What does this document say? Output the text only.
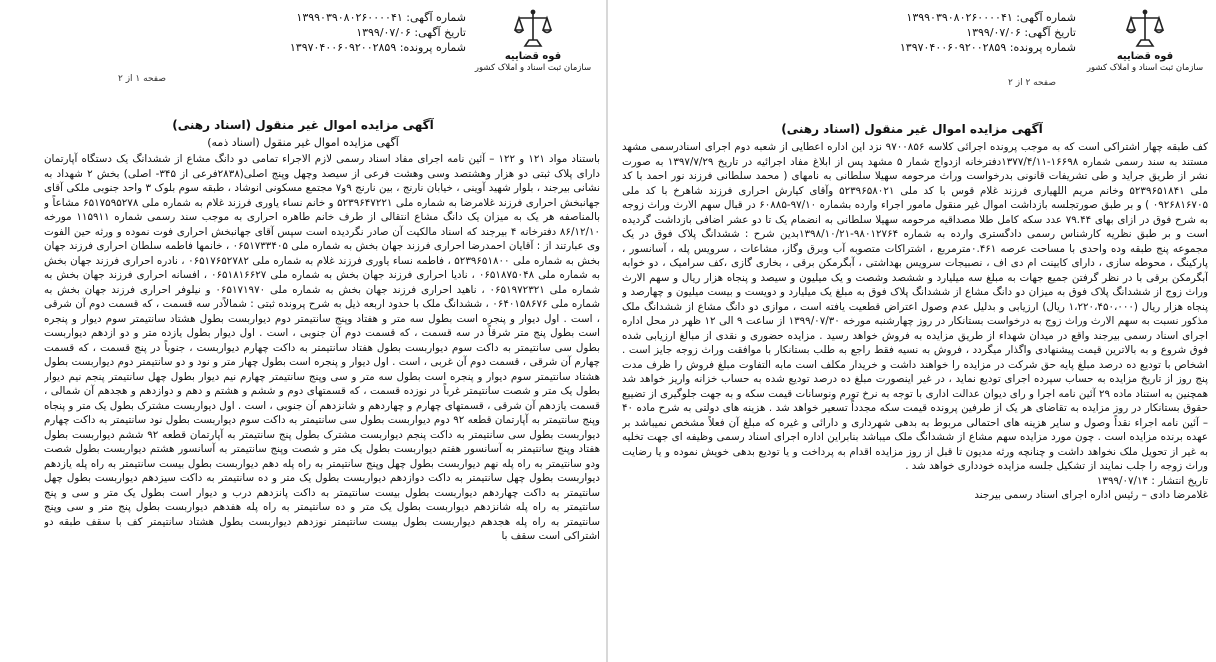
شماره آگهی: ۱۳۹۹۰۳۹۰۸۰۲۶۰۰۰۰۴۱
تاریخ آگهی: ۱۳۹۹/۰۷/۰۶
شماره پرونده: ۱۳۹۷۰۴۰۰۶۰۹۲۰۰۲۸۵۹
قوه قضاییه
سازمان ثبت اسناد و املاک کشور
صفحه ۱ از ۲
آگهی مزایده اموال غیر منقول (اسناد رهنی)
آگهی مزایده اموال غیر منقول (اسناد ذمه)

باستناد مواد ۱۲۱ و ۱۲۲ – آئین نامه اجرای مفاد اسناد رسمی لازم الاجراء تمامی دو دانگ مشاع از ششدانگ یک دستگاه آپارتمان دارای پلاک ثبتی دو هزار وهشتصد وسی وهشت فرعی از سیصد وچهل وپنج اصلی(۲۸۳۸فرعی از ۳۴۵- اصلی) بخش ۲ شهداد به نشانی بیرجند ، بلوار شهید آوینی ، خیابان نارنج ، بین نارنج ۹و۷ مجتمع مسکونی انوشاد ، طبقه سوم بلوک ۳ واحد جنوبی ملکی آقای جهانبخش احراری فرزند غلامرضا به شماره ملی ۵۲۳۹۶۴۷۲۲۱ و خانم نساء یاوری فرزند غلام به شماره ملی ۶۵۱۷۵۹۵۲۷۸ مشاعاً و بالمناصفه هر یک به میزان یک دانگ مشاع انتقالی از طرف خانم طاهره احراری به موجب سند رسمی شماره ۱۱۵۹۱۱ مورخه ۸۶/۱۲/۱۰ دفترخانه ۴ بیرجند که اسناد مالکیت آن صادر نگردیده است سپس آقای جهانبخش احراری فوت نموده و ورثه حین الفوت وی عبارتند از : آقایان احمدرضا احراری فرزند جهان بخش به شماره ملی ۰۶۵۱۷۳۳۴۰۵ ، خانمها فاطمه سلطان احراری فرزند جهان بخش به شماره ملی ۵۲۳۹۶۵۱۸۰۰ ، فاطمه نساء یاوری فرزند غلام به شماره ملی ۰۶۵۱۷۶۵۲۷۸۲ ، نادره احراری فرزند جهان بخش به شماره ملی ۰۶۵۱۸۷۵۰۴۸ ، نادیا احراری فرزند جهان بخش به شماره ملی ۰۶۵۱۸۱۶۶۲۷ ، افسانه احراری فرزند جهان بخش به شماره ملی ۰۶۵۱۹۷۲۳۲۱ ، ناهید احراری فرزند جهان بخش به شماره ملی ۰۶۵۱۷۱۹۷۰ و نیلوفر احراری فرزند جهان بخش به شماره ملی ۰۶۴۰۱۵۸۶۷۶ ، ششدانگ ملک با حدود اربعه ذیل به شرح پرونده ثبتی : شمالاًدر سه قسمت ، که قسمت دوم آن شرقی ، است . اول دیوار و پنجره است بطول سه متر و هفتاد وپنج سانتیمتر دوم دیواربست بطول هشتاد سانتیمتر سوم دیوار و پنجره است بطول پنج متر شرقاً در سه قسمت ، که قسمت دوم آن جنوبی ، است . اول دیوار بطول یازده متر و دو ازدهم دیواربست بطول سی سانتیمتر به داکت سوم دیواربست بطول هفتاد سانتیمتر به داکت چهارم دیواربست ، جنوباً در پنج قسمت ، که قسمت چهارم آن شرقی ، قسمت دوم آن غربی ، است . اول دیوار و پنجره است بطول چهار متر و نود و دو سانتیمتر دوم دیواربست بطول هشتاد سانتیمتر سوم دیوار و پنجره است بطول سه متر و سی وپنج سانتیمتر چهارم نیم دیوار بطول چهل سانتیمتر پنجم نیم دیوار بطول یک متر و شصت سانتیمتر غرباً در نوزده قسمت ، که قسمتهای دوم و ششم و هشتم و دهم و دوازدهم و هجدهم آن شمالی ، قسمت یازدهم آن شرقی ، قسمتهای چهارم و چهاردهم و شانزدهم آن جنوبی ، است . اول دیواربست مشترک بطول یک متر و پنجاه وپنج سانتیمتر به آپارتمان قطعه ۹۲ دوم دیواربست بطول سی سانتیمتر به داکت سوم دیواربست بطول نود سانتیمتر به داکت چهارم دیواربست بطول سی سانتیمتر به داکت پنجم دیواربست مشترک بطول پنج سانتیمتر به آپارتمان قطعه ۹۲ ششم دیواربست بطول هفتاد وپنج سانتیمتر به آسانسور هفتم دیواربست بطول یک متر و شصت وپنج سانتیمتر به آسانسور هشتم دیواربست بطول شصت ودو سانتیمتر به راه پله نهم دیواربست بطول چهل وپنج سانتیمتر به راه پله دهم دیواربست بطول بیست سانتیمتر به راه پله یازدهم دیواربست بطول چهل سانتیمتر به داکت دوازدهم دیواربست بطول یک متر و ده سانتیمتر به داکت سیزدهم دیواربست بطول چهل سانتیمتر به داکت چهاردهم دیواربست بطول بیست سانتیمتر به داکت پانزدهم درب و دیوار است بطول یک متر و سی و پنج سانتیمتر به راه پله شانزدهم دیواربست بطول یک متر و ده سانتیمتر به راه پله هفدهم دیواربست بطول پنج متر و سی وپنج سانتیمتر به راه پله هجدهم دیواربست بطول بیست سانتیمتر نوزدهم دیواربست بطول هشتاد سانتیمتر کف با سقف طبقه دو اشتراکی است سقف با

شماره آگهی: ۱۳۹۹۰۳۹۰۸۰۲۶۰۰۰۰۴۱
تاریخ آگهی: ۱۳۹۹/۰۷/۰۶
شماره پرونده: ۱۳۹۷۰۴۰۰۶۰۹۲۰۰۲۸۵۹
قوه قضاییه
سازمان ثبت اسناد و املاک کشور
صفحه ۲ از ۲
آگهی مزایده اموال غیر منقول (اسناد رهنی)

کف طبقه چهار اشتراکی است که به موجب پرونده اجرائی کلاسه ۹۷۰۰۸۵۶ نزد این اداره اعطایی از شعبه دوم اجرای اسنادرسمی مشهد مستند به سند رسمی شماره ۱۶۶۹۸-۱۳۷۷/۴/۱۱دفترخانه ازدواج شمار ۵ مشهد پس از ابلاغ مفاد اجرائیه در تاریخ ۱۳۹۷/۷/۲۹ به صورت نشر از طریق جراید و طی تشریفات قانونی بدرخواست وراث مرحومه سهیلا سلطانی به نامهای ( محمد سلطانی فرزند نور احمد با کد ملی ۵۲۳۹۶۵۱۸۴۱ وخانم مریم اللهیاری فرزند غلام قوس با کد ملی ۵۲۳۹۶۵۸۰۲۱ وآقای کیارش احراری فرزند شاهرخ با کد ملی ۰۹۲۶۸۱۶۷۰۵ ) و بر طبق صورتجلسه بازداشت اموال غیر منقول مامور اجراء وارده بشماره ۹۷/۱۰-۶۰۸۸۵ در قبال سهم الارث وراث زوجه به شرح فوق در ازای بهای ۷۹.۴۴ عدد سکه کامل طلا مصداقیه مرحومه سهیلا سلطانی به انضمام یک تا دو عشر اضافی بازداشت گردیده است و بر طبق نظریه کارشناس رسمی دادگستری وارده به شماره ۹۸۰۱۲۷۶۴-۱۳۹۸/۱۰/۲۱بدین شرح : ششدانگ پلاک فوق در یک مجموعه پنج طبقه وده واحدی با مساحت عرصه ۰.۴۶۱مترمربع ، اشتراکات متصوبه آب وبرق وگاز، مشاعات ، سرویس پله ، آسانسور ، پارکینگ ، محوطه سازی ، دارای کابینت ام دی اف ، نصبیجات سرویس بهداشتی ، آبگرمکن برقی ، بخاری گازی ،کف سرامیک ، دو خوابه آبگرمکن برقی با در نظر گرفتن جمیع جهات به مبلغ سه میلیارد و ششصد وشصت و یک میلیون و سیصد و پنجاه هزار ریال و سهم الارث وراث زوج از ششدانگ پلاک فوق به میزان دو دانگ مشاع از ششدانگ پلاک فوق به مبلغ یک میلیارد و دویست و بیست میلیون و چهارصد و پنجاه هزار ریال (۱،۲۲۰،۴۵۰،۰۰۰ ریال) ارزیابی و بدلیل عدم وصول اعتراض قطعیت یافته است ، موازی دو دانگ مشاع از ششدانگ ملک مذکور نسبت به سهم الارث وراث زوج به درخواست بستانکار در روز چهارشنبه مورخه ۱۳۹۹/۰۷/۳۰ از ساعت ۹ الی ۱۲ ظهر در محل اداره اجرای اسناد رسمی بیرجند واقع در میدان شهداء از طریق مزایده به فروش خواهد رسید . مزایده حضوری و نقدی از مبالغ ارزیابی شده فوق شروع و به بالاترین قیمت پیشنهادی واگذار میگردد ، فروش به نسیه فقط راجع به طلب بستانکار با موافقت وراث زوجه جایز است . اشخاص با تودیع ده درصد مبلغ پایه حق شرکت در مزایده را خواهند داشت و خریدار مکلف است مابه التفاوت مبلغ فروش را ظرف مدت پنج روز از تاریخ مزایده به حساب سپرده اجرای تودیع نماید ، در غیر اینصورت مبلغ ده درصد تودیع شده به حساب خزانه واریز خواهد شد همچنین به استناد ماده ۲۹ آئین نامه اجرا و رای دیوان عدالت اداری با توجه به نرخ تورم ونوسانات قیمت سکه و به جهت جلوگیری از تضییع حقوق بستانکار در روز مزایده به تقاضای هر یک از طرفین پرونده قیمت سکه مجدداً تسعیر خواهد شد . هزینه های دولتی به شرح ماده ۴۰ – آئین نامه اجراء نقداً وصول و سایر هزینه های احتمالی مربوط به بدهی شهرداری و دارائی و غیره که مبلغ آن فعلاً مشخص نمیباشد بر عهده برنده مزایده است . چون مورد مزایده سهم مشاع از ششدانگ ملک میباشد بنابراین اداره اجرای اسناد رسمی وظیفه ای جهت تخلیه به غیر از تحویل ملک نخواهد داشت و چنانچه ورثه مدیون تا قبل از روز مزایده اقدام به پرداخت و یا تودیع بدهی خویش نموده و یا رضایت وراث زوجه را جلب نمایند از تشکیل جلسه مزایده خودداری خواهد شد .

تاریخ انتشار : ۱۳۹۹/۰۷/۱۴

غلامرضا دادی – رئیس اداره اجرای اسناد رسمی بیرجند
